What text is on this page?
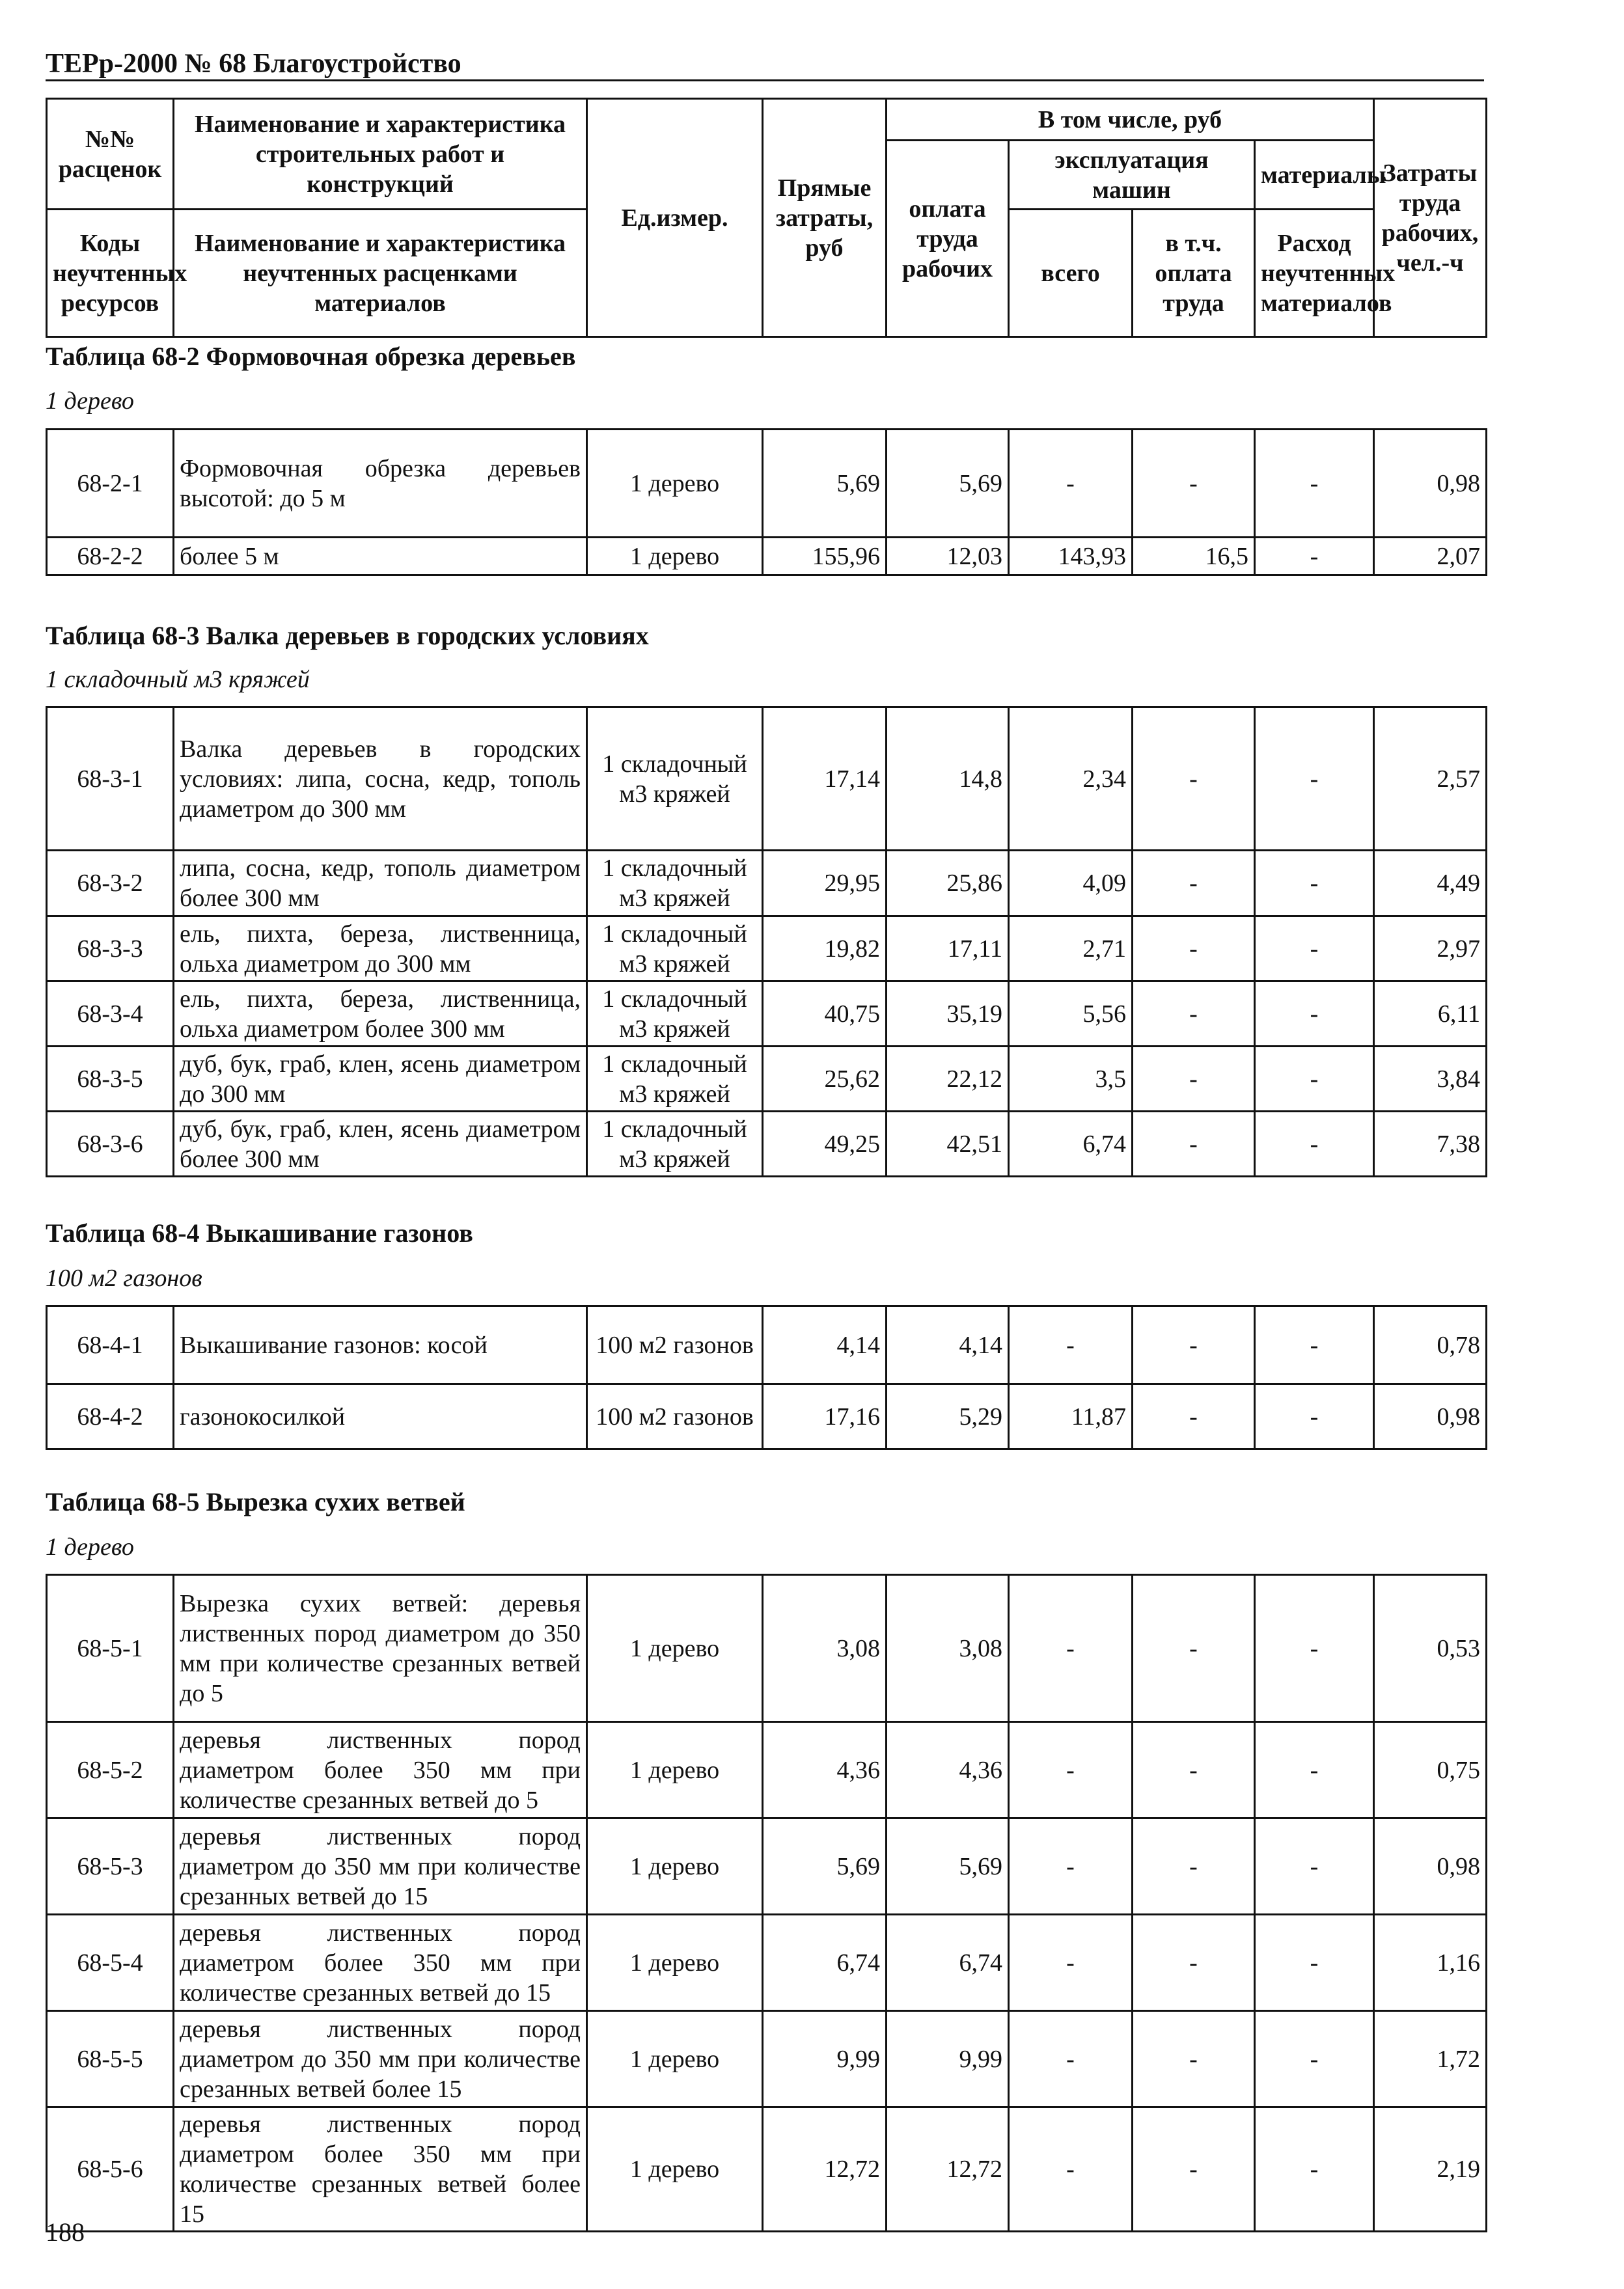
ТЕРр-2000 № 68 Благоустройство
№№ расценок	Наименование и характеристика строительных работ и конструкций	Ед.измер.	Прямые затраты, руб	В том числе, руб				Затраты труда рабочих, чел.-ч
				оплата труда рабочих	эксплуатация машин		материалы	
Коды неучтенных ресурсов	Наименование и характеристика неучтенных расценками материалов				всего	в т.ч. оплата труда	Расход неучтенных материалов	

Таблица 68-2 Формовочная обрезка деревьев
1 дерево
68-2-1	Формовочная обрезка деревьев высотой: до 5 м	1 дерево	5,69	5,69	-	-	-	0,98
68-2-2	более 5 м	1 дерево	155,96	12,03	143,93	16,5	-	2,07
Таблица 68-3 Валка деревьев в городских условиях
1 складочный м3 кряжей
68-3-1	Валка деревьев в городских условиях: липа, сосна, кедр, тополь диаметром до 300 мм	1 складочный м3 кряжей	17,14	14,8	2,34	-	-	2,57
68-3-2	липа, сосна, кедр, тополь диаметром более 300 мм	1 складочный м3 кряжей	29,95	25,86	4,09	-	-	4,49
68-3-3	ель, пихта, береза, лиственница, ольха диаметром до 300 мм	1 складочный м3 кряжей	19,82	17,11	2,71	-	-	2,97
68-3-4	ель, пихта, береза, лиственница, ольха диаметром более 300 мм	1 складочный м3 кряжей	40,75	35,19	5,56	-	-	6,11
68-3-5	дуб, бук, граб, клен, ясень диаметром до 300 мм	1 складочный м3 кряжей	25,62	22,12	3,5	-	-	3,84
68-3-6	дуб, бук, граб, клен, ясень диаметром более 300 мм	1 складочный м3 кряжей	49,25	42,51	6,74	-	-	7,38
Таблица 68-4 Выкашивание газонов
100 м2 газонов
68-4-1	Выкашивание газонов: косой	100 м2 газонов	4,14	4,14	-	-	-	0,78
68-4-2	газонокосилкой	100 м2 газонов	17,16	5,29	11,87	-	-	0,98
Таблица 68-5 Вырезка сухих ветвей
1 дерево
68-5-1	Вырезка сухих ветвей: деревья лиственных пород диаметром до 350 мм при количестве срезанных ветвей до 5	1 дерево	3,08	3,08	-	-	-	0,53
68-5-2	деревья лиственных пород диаметром более 350 мм при количестве срезанных ветвей до 5	1 дерево	4,36	4,36	-	-	-	0,75
68-5-3	деревья лиственных пород диаметром до 350 мм при количестве срезанных ветвей до 15	1 дерево	5,69	5,69	-	-	-	0,98
68-5-4	деревья лиственных пород диаметром более 350 мм при количестве срезанных ветвей до 15	1 дерево	6,74	6,74	-	-	-	1,16
68-5-5	деревья лиственных пород диаметром до 350 мм при количестве срезанных ветвей более 15	1 дерево	9,99	9,99	-	-	-	1,72
68-5-6	деревья лиственных пород диаметром более 350 мм при количестве срезанных ветвей более 15	1 дерево	12,72	12,72	-	-	-	2,19
188
